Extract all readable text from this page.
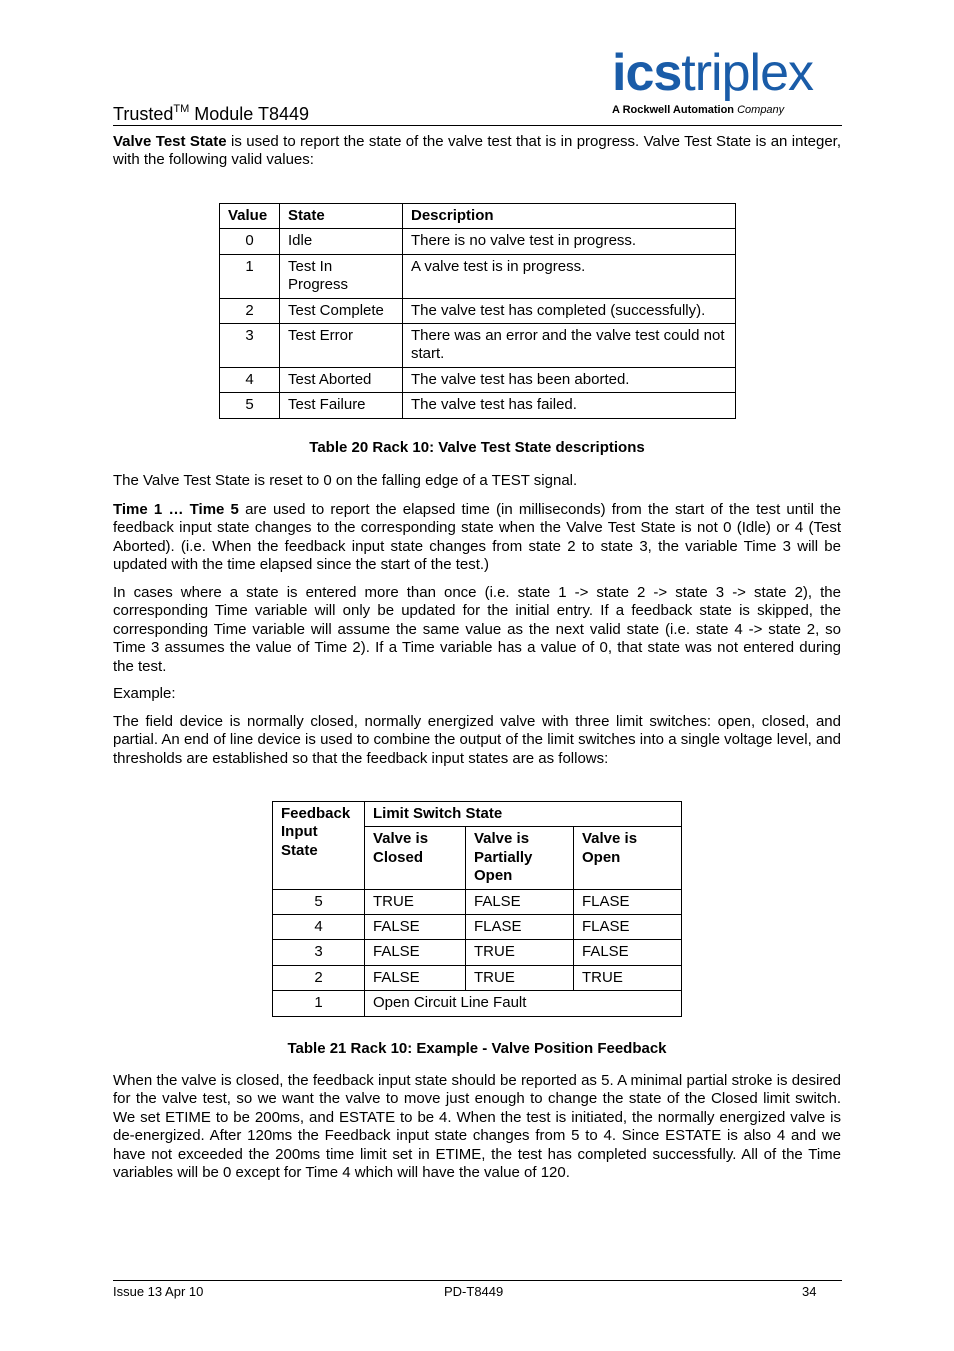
Trusted™ Module T8449
icstriplex
A Rockwell Automation Company
Valve Test State is used to report the state of the valve test that is in progress. Valve Test State is an integer, with the following valid values:
Value	State	Description
0	Idle	There is no valve test in progress.
1	Test In Progress	A valve test is in progress.
2	Test Complete	The valve test has completed (successfully).
3	Test Error	There was an error and the valve test could not start.
4	Test Aborted	The valve test has been aborted.
5	Test Failure	The valve test has failed.
Table 20 Rack 10: Valve Test State descriptions
The Valve Test State is reset to 0 on the falling edge of a TEST signal.
Time 1 … Time 5 are used to report the elapsed time (in milliseconds) from the start of the test until the feedback input state changes to the corresponding state when the Valve Test State is not 0 (Idle) or 4 (Test Aborted). (i.e. When the feedback input state changes from state 2 to state 3, the variable Time 3 will be updated with the time elapsed since the start of the test.)
In cases where a state is entered more than once (i.e. state 1 -> state 2 -> state 3 -> state 2), the corresponding Time variable will only be updated for the initial entry. If a feedback state is skipped, the corresponding Time variable will assume the same value as the next valid state (i.e. state 4 -> state 2, so Time 3 assumes the value of Time 2). If a Time variable has a value of 0, that state was not entered during the test.
Example:
The field device is normally closed, normally energized valve with three limit switches: open, closed, and partial. An end of line device is used to combine the output of the limit switches into a single voltage level, and thresholds are established so that the feedback input states are as follows:
Feedback Input State	Limit Switch State		
	Valve is Closed	Valve is Partially Open	Valve is Open
5	TRUE	FALSE	FLASE
4	FALSE	FLASE	FLASE
3	FALSE	TRUE	FALSE
2	FALSE	TRUE	TRUE
1	Open Circuit Line Fault		
Table 21 Rack 10: Example - Valve Position Feedback
When the valve is closed, the feedback input state should be reported as 5. A minimal partial stroke is desired for the valve test, so we want the valve to move just enough to change the state of the Closed limit switch. We set ETIME to be 200ms, and ESTATE to be 4. When the test is initiated, the normally energized valve is de-energized. After 120ms the Feedback input state changes from 5 to 4. Since ESTATE is also 4 and we have not exceeded the 200ms time limit set in ETIME, the test has completed successfully. All of the Time variables will be 0 except for Time 4 which will have the value of 120.
Issue 13 Apr 10	PD-T8449	34
